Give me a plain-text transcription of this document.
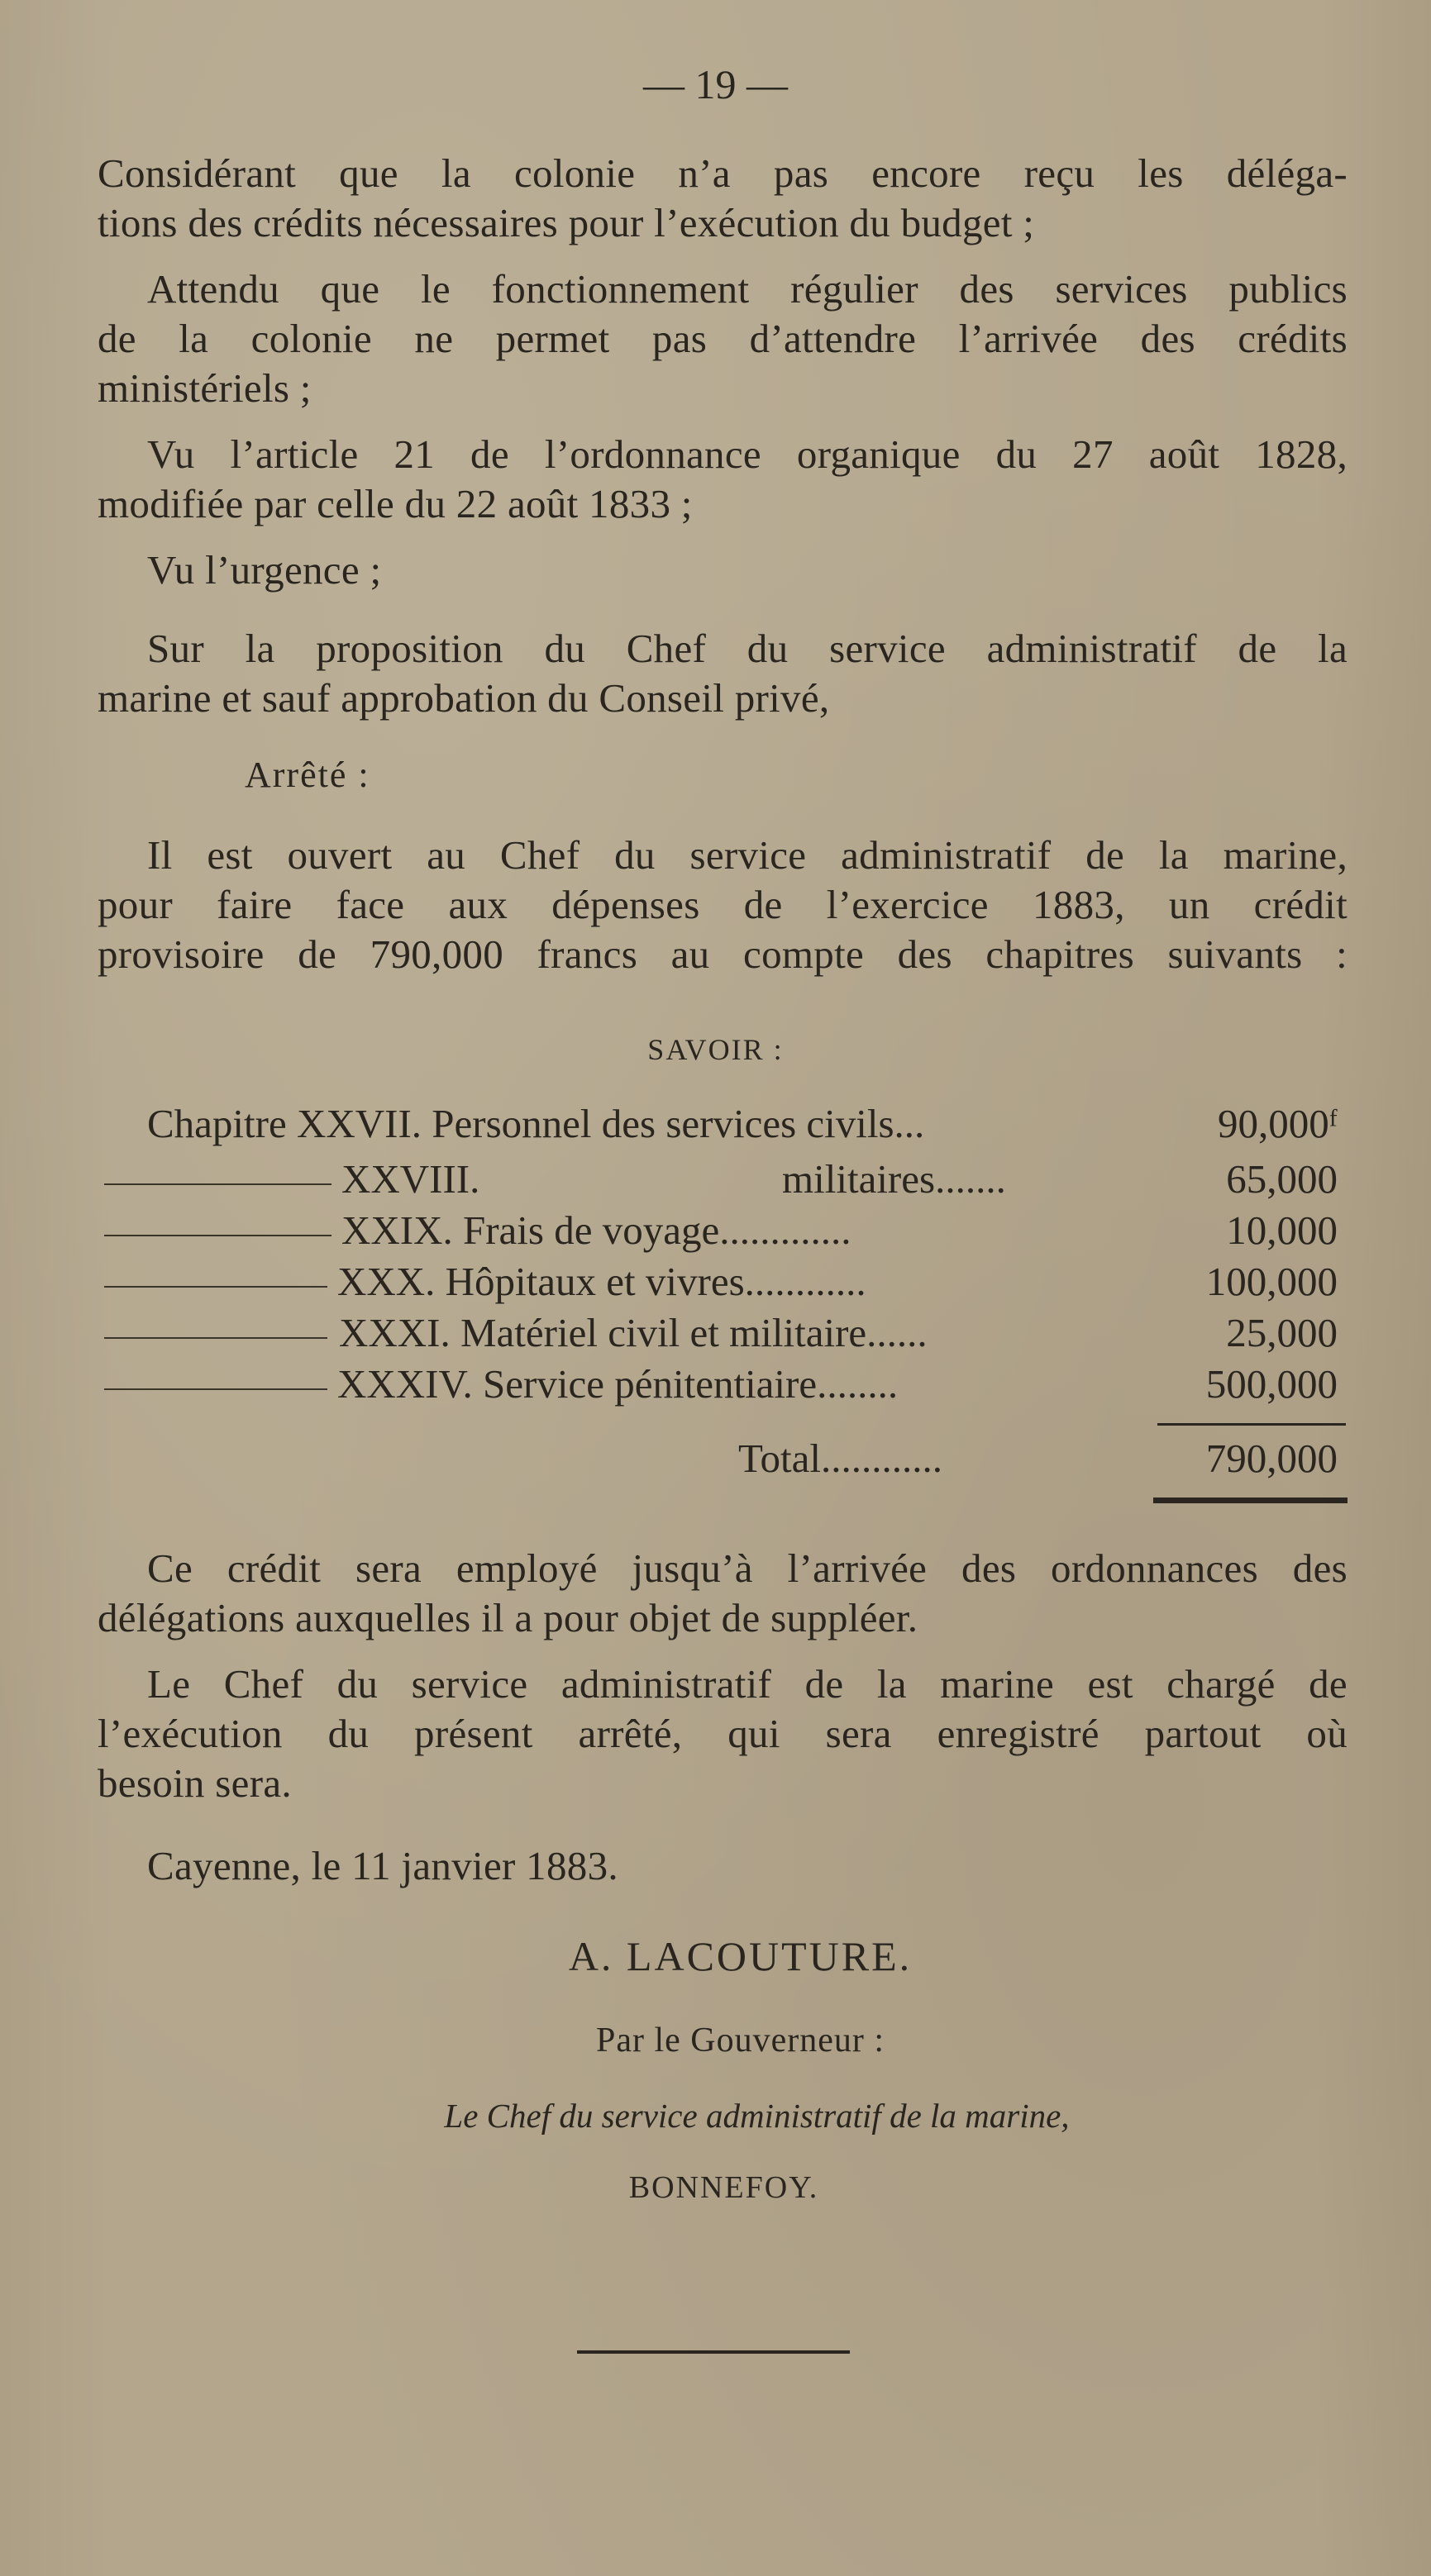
— 19 —
Considérant que la colonie n’a pas encore reçu les déléga-
tions des crédits nécessaires pour l’exécution du budget ;
Attendu que le fonctionnement régulier des services publics
de la colonie ne permet pas d’attendre l’arrivée des crédits
ministériels ;
Vu l’article 21 de l’ordonnance organique du 27 août 1828,
modifiée par celle du 22 août 1833 ;
Vu l’urgence ;
Sur la proposition du Chef du service administratif de la
marine et sauf approbation du Conseil privé,
Arrêté :
Il est ouvert au Chef du service administratif de la marine,
pour faire face aux dépenses de l’exercice 1883, un crédit
provisoire de 790,000 francs au compte des chapitres suivants :
SAVOIR :
Chapitre XXVII. Personnel des services civils...	90,000ᶠ
XXVIII.	militaires.......	65,000
XXIX. Frais de voyage.............	10,000
XXX. Hôpitaux et vivres............	100,000
XXXI. Matériel civil et militaire......	25,000
XXXIV. Service pénitentiaire........	500,000
Total............	790,000
Ce crédit sera employé jusqu’à l’arrivée des ordonnances des
délégations auxquelles il a pour objet de suppléer.
Le Chef du service administratif de la marine est chargé de
l’exécution du présent arrêté, qui sera enregistré partout où
besoin sera.
Cayenne, le 11 janvier 1883.
A. LACOUTURE.
Par le Gouverneur :
Le Chef du service administratif de la marine,
BONNEFOY.
